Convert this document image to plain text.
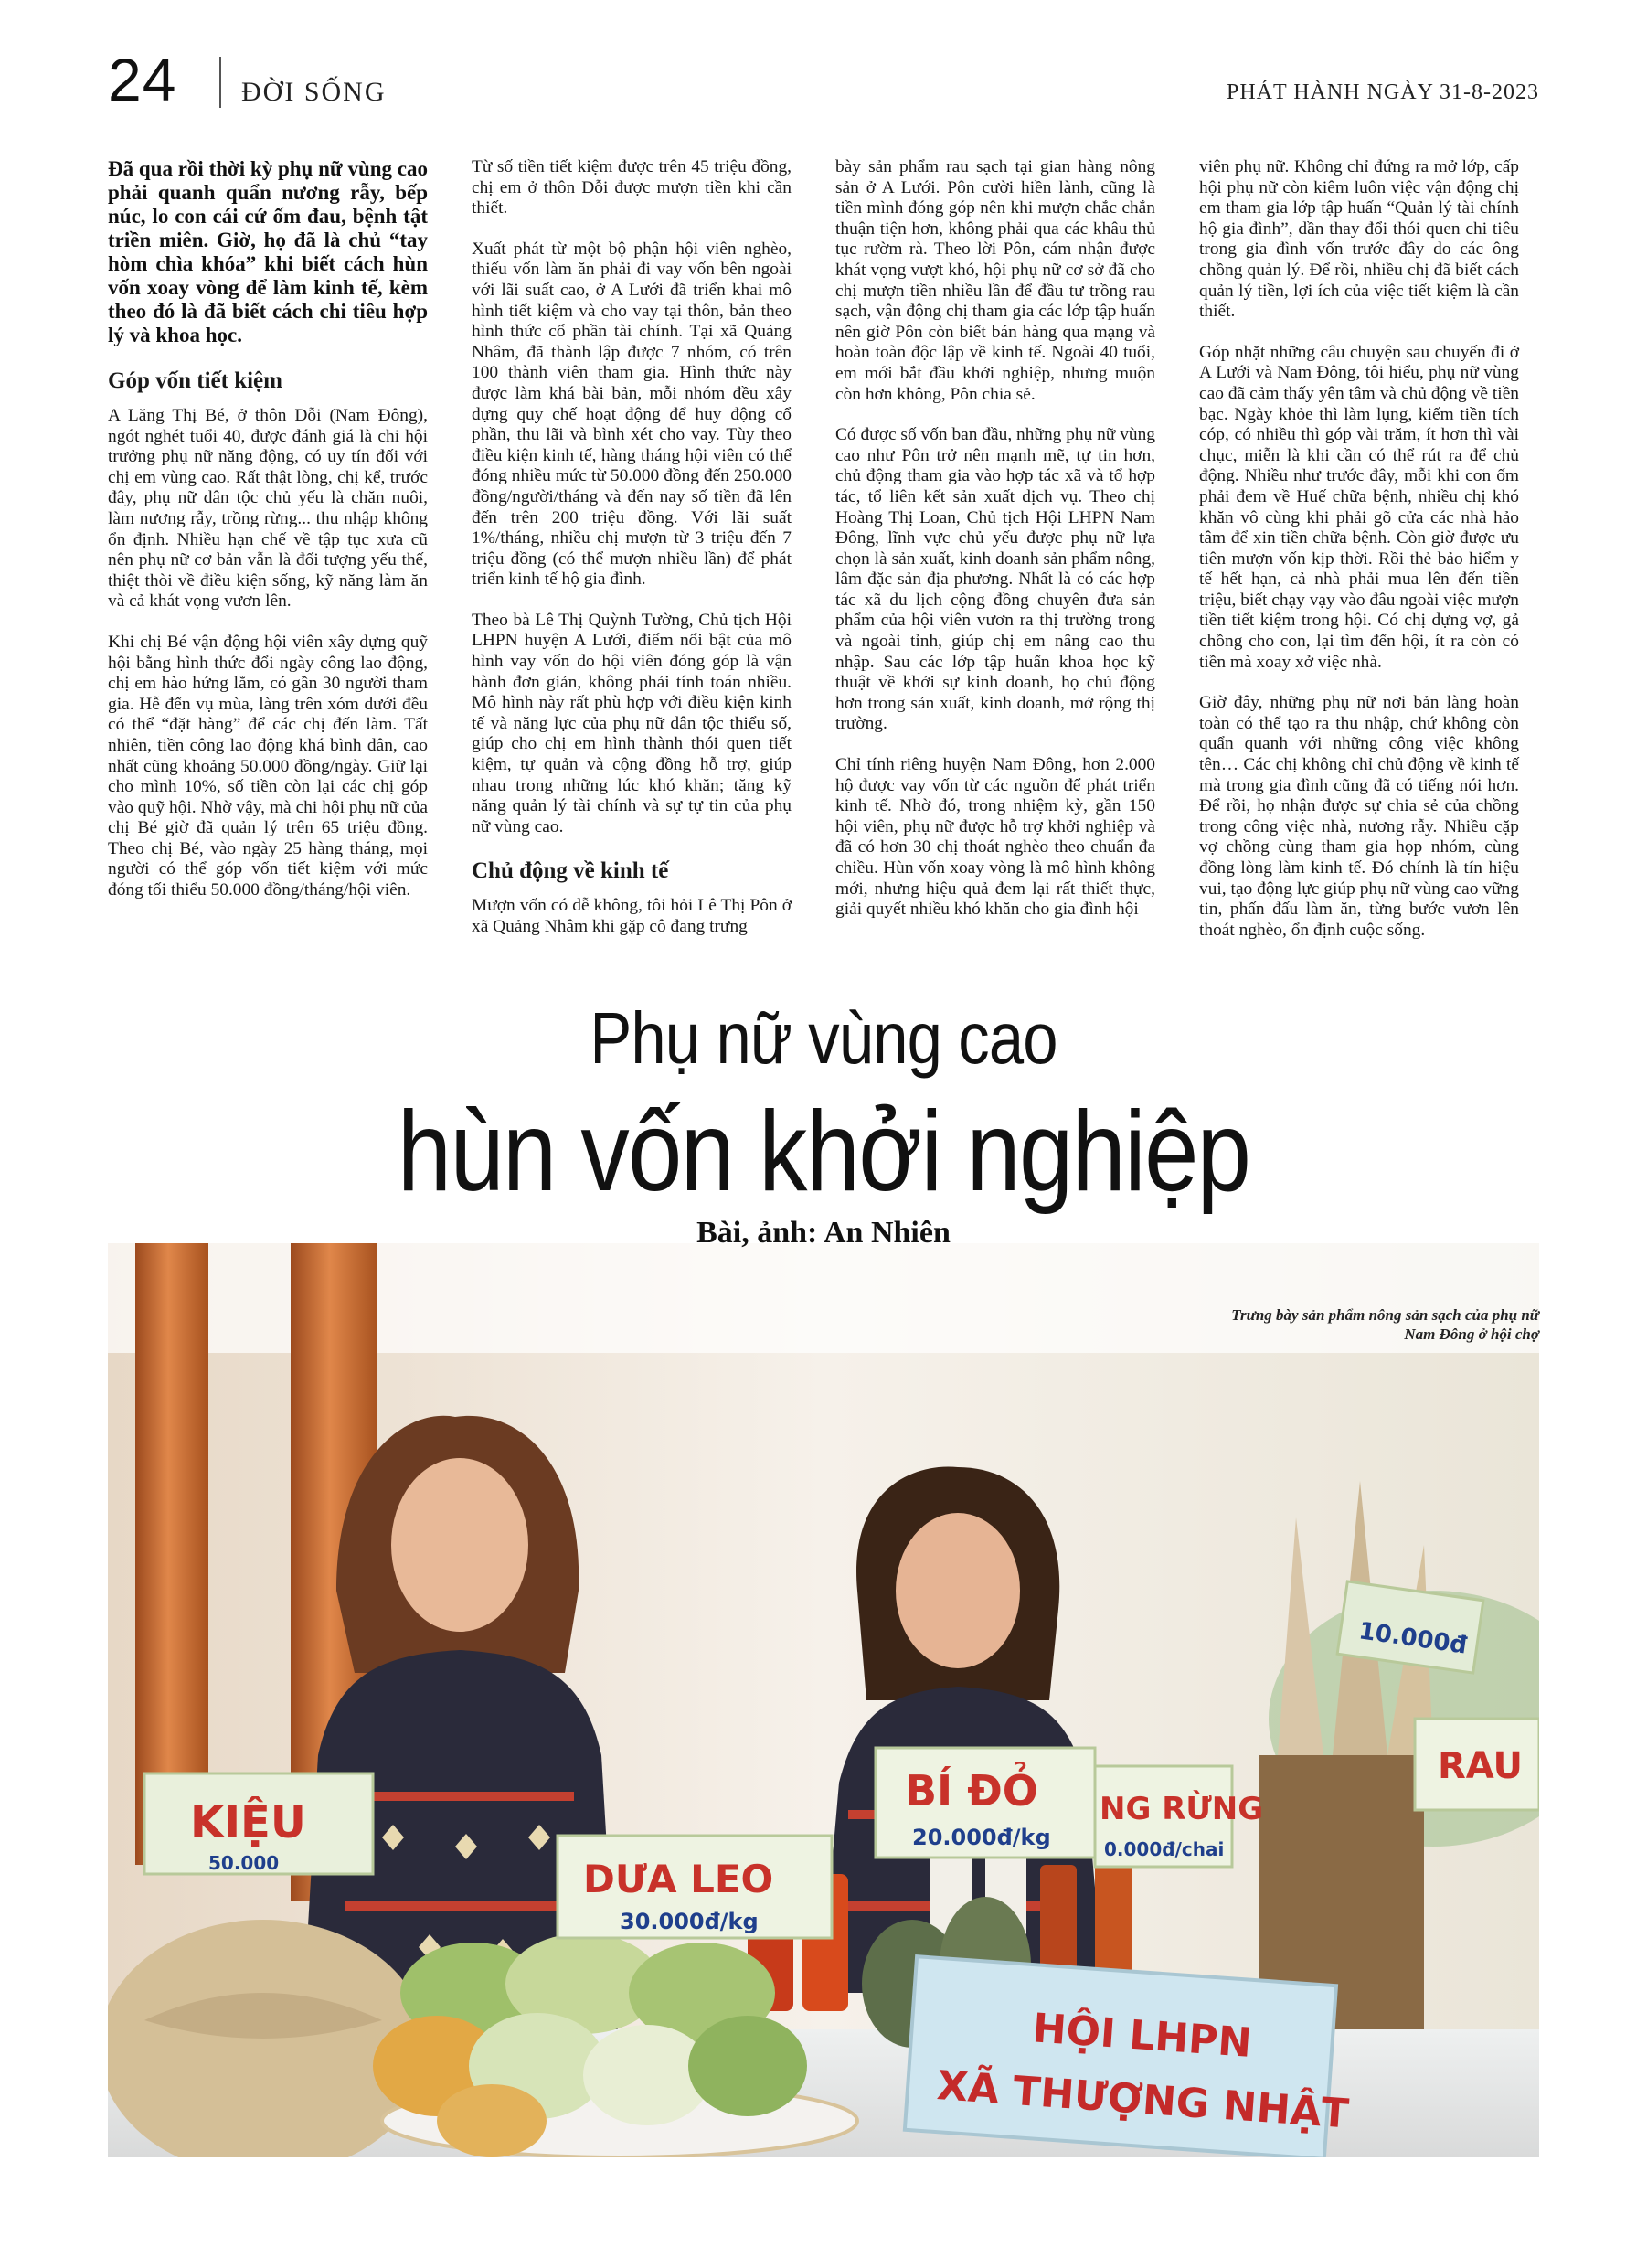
24 ĐỜI SỐNG	PHÁT HÀNH NGÀY 31-8-2023

Đã qua rồi thời kỳ phụ nữ vùng cao phải quanh quẩn nương rẫy, bếp núc, lo con cái cứ ốm đau, bệnh tật triền miên. Giờ, họ đã là chủ “tay hòm chìa khóa” khi biết cách hùn vốn xoay vòng để làm kinh tế, kèm theo đó là đã biết cách chi tiêu hợp lý và khoa học.

Góp vốn tiết kiệm

A Lăng Thị Bé, ở thôn Dỗi (Nam Đông), ngót nghét tuổi 40, được đánh giá là chi hội trưởng phụ nữ năng động, có uy tín đối với chị em vùng cao. Rất thật lòng, chị kể, trước đây, phụ nữ dân tộc chủ yếu là chăn nuôi, làm nương rẫy, trồng rừng... thu nhập không ổn định. Nhiều hạn chế về tập tục xưa cũ nên phụ nữ cơ bản vẫn là đối tượng yếu thế, thiệt thòi về điều kiện sống, kỹ năng làm ăn và cả khát vọng vươn lên.

Khi chị Bé vận động hội viên xây dựng quỹ hội bằng hình thức đổi ngày công lao động, chị em hào hứng lắm, có gần 30 người tham gia. Hễ đến vụ mùa, làng trên xóm dưới đều có thể “đặt hàng” để các chị đến làm. Tất nhiên, tiền công lao động khá bình dân, cao nhất cũng khoảng 50.000 đồng/ngày. Giữ lại cho mình 10%, số tiền còn lại các chị góp vào quỹ hội. Nhờ vậy, mà chi hội phụ nữ của chị Bé giờ đã quản lý trên 65 triệu đồng. Theo chị Bé, vào ngày 25 hàng tháng, mọi người có thể góp vốn tiết kiệm với mức đóng tối thiểu 50.000 đồng/tháng/hội viên.

Từ số tiền tiết kiệm được trên 45 triệu đồng, chị em ở thôn Dỗi được mượn tiền khi cần thiết.

Xuất phát từ một bộ phận hội viên nghèo, thiếu vốn làm ăn phải đi vay vốn bên ngoài với lãi suất cao, ở A Lưới đã triển khai mô hình tiết kiệm và cho vay tại thôn, bản theo hình thức cổ phần tài chính. Tại xã Quảng Nhâm, đã thành lập được 7 nhóm, có trên 100 thành viên tham gia. Hình thức này được làm khá bài bản, mỗi nhóm đều xây dựng quy chế hoạt động để huy động cổ phần, thu lãi và bình xét cho vay. Tùy theo điều kiện kinh tế, hàng tháng hội viên có thể đóng nhiều mức từ 50.000 đồng đến 250.000 đồng/người/tháng và đến nay số tiền đã lên đến trên 200 triệu đồng. Với lãi suất 1%/tháng, nhiều chị mượn từ 3 triệu đến 7 triệu đồng (có thể mượn nhiều lần) để phát triển kinh tế hộ gia đình.

Theo bà Lê Thị Quỳnh Tường, Chủ tịch Hội LHPN huyện A Lưới, điểm nổi bật của mô hình vay vốn do hội viên đóng góp là vận hành đơn giản, không phải tính toán nhiều. Mô hình này rất phù hợp với điều kiện kinh tế và năng lực của phụ nữ dân tộc thiểu số, giúp cho chị em hình thành thói quen tiết kiệm, tự quản và cộng đồng hỗ trợ, giúp nhau trong những lúc khó khăn; tăng kỹ năng quản lý tài chính và sự tự tin của phụ nữ vùng cao.

Chủ động về kinh tế

Mượn vốn có dễ không, tôi hỏi Lê Thị Pôn ở xã Quảng Nhâm khi gặp cô đang trưng

bày sản phẩm rau sạch tại gian hàng nông sản ở A Lưới. Pôn cười hiền lành, cũng là tiền mình đóng góp nên khi mượn chắc chắn thuận tiện hơn, không phải qua các khâu thủ tục rườm rà. Theo lời Pôn, cám nhận được khát vọng vượt khó, hội phụ nữ cơ sở đã cho chị mượn tiền nhiều lần để đầu tư trồng rau sạch, vận động chị tham gia các lớp tập huấn nên giờ Pôn còn biết bán hàng qua mạng và hoàn toàn độc lập về kinh tế. Ngoài 40 tuổi, em mới bắt đầu khởi nghiệp, nhưng muộn còn hơn không, Pôn chia sẻ.

Có được số vốn ban đầu, những phụ nữ vùng cao như Pôn trở nên mạnh mẽ, tự tin hơn, chủ động tham gia vào hợp tác xã và tổ hợp tác, tổ liên kết sản xuất dịch vụ. Theo chị Hoàng Thị Loan, Chủ tịch Hội LHPN Nam Đông, lĩnh vực chủ yếu được phụ nữ lựa chọn là sản xuất, kinh doanh sản phẩm nông, lâm đặc sản địa phương. Nhất là có các hợp tác xã du lịch cộng đồng chuyên đưa sản phẩm của hội viên vươn ra thị trường trong và ngoài tỉnh, giúp chị em nâng cao thu nhập. Sau các lớp tập huấn khoa học kỹ thuật về khởi sự kinh doanh, họ chủ động hơn trong sản xuất, kinh doanh, mở rộng thị trường.

Chỉ tính riêng huyện Nam Đông, hơn 2.000 hộ được vay vốn từ các nguồn để phát triển kinh tế. Nhờ đó, trong nhiệm kỳ, gần 150 hội viên, phụ nữ được hỗ trợ khởi nghiệp và đã có hơn 30 chị thoát nghèo theo chuẩn đa chiều. Hùn vốn xoay vòng là mô hình không mới, nhưng hiệu quả đem lại rất thiết thực, giải quyết nhiều khó khăn cho gia đình hội

viên phụ nữ. Không chỉ đứng ra mở lớp, cấp hội phụ nữ còn kiêm luôn việc vận động chị em tham gia lớp tập huấn “Quản lý tài chính hộ gia đình”, dần thay đổi thói quen chi tiêu trong gia đình vốn trước đây do các ông chồng quản lý. Để rồi, nhiều chị đã biết cách quản lý tiền, lợi ích của việc tiết kiệm là cần thiết.

Góp nhặt những câu chuyện sau chuyến đi ở A Lưới và Nam Đông, tôi hiểu, phụ nữ vùng cao đã cảm thấy yên tâm và chủ động về tiền bạc. Ngày khỏe thì làm lụng, kiếm tiền tích cóp, có nhiều thì góp vài trăm, ít hơn thì vài chục, miễn là khi cần có thể rút ra để chủ động. Nhiều như trước đây, mỗi khi con ốm phải đem về Huế chữa bệnh, nhiều chị khó khăn vô cùng khi phải gõ cửa các nhà hảo tâm để xin tiền chữa bệnh. Còn giờ được ưu tiên mượn vốn kịp thời. Rồi thẻ bảo hiểm y tế hết hạn, cả nhà phải mua lên đến tiền triệu, biết chạy vạy vào đâu ngoài việc mượn tiền tiết kiệm trong hội. Có chị dựng vợ, gả chồng cho con, lại tìm đến hội, ít ra còn có tiền mà xoay xở việc nhà.

Giờ đây, những phụ nữ nơi bản làng hoàn toàn có thể tạo ra thu nhập, chứ không còn quẩn quanh với những công việc không tên… Các chị không chỉ chủ động về kinh tế mà trong gia đình cũng đã có tiếng nói hơn. Để rồi, họ nhận được sự chia sẻ của chồng trong công việc nhà, nương rẫy. Nhiều cặp vợ chồng cùng tham gia họp nhóm, cùng đồng lòng làm kinh tế. Đó chính là tín hiệu vui, tạo động lực giúp phụ nữ vùng cao vững tin, phấn đấu làm ăn, từng bước vươn lên thoát nghèo, ổn định cuộc sống.

Phụ nữ vùng cao
hùn vốn khởi nghiệp
KIỆU
50.000	DƯA LEO
30.000đ/kg
BÍ ĐỎ
20.000đ/kg
NG RỪNG
0.000đ/chai
RAU
10.000đ
HỘI LHPN
XÃ THƯỢNG NHẬT
Bài, ảnh: An Nhiên
Trưng bày sản phẩm nông sản sạch của phụ nữ Nam Đông ở hội chợ
